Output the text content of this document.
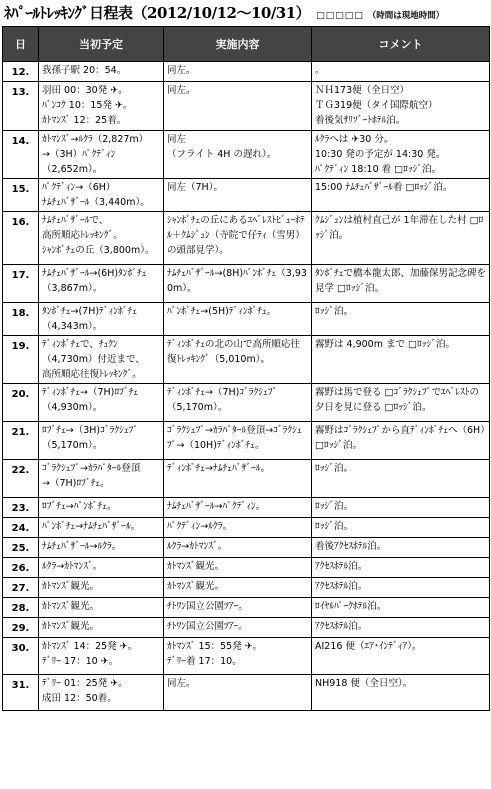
ﾈﾊﾟｰﾙﾄﾚｯｷﾝｸﾞ日程表（2012/10/12～10/31） □□□□□ （時間は現地時間）
日	当初予定	実施内容	コメント

12.	我孫子駅 20：54。	同左。	。

13.	羽田 00：30発 ✈。
ﾊﾞﾝｺｸ 10：15発 ✈。
ｶﾄﾏﾝｽﾞ 12：25着。	同左。	ＮＨ173便（全日空）
ＴＧ319便（タイ国際航空）
着後気ｻﾘｿﾞｰﾄﾎﾃﾙ泊。

14.	ｶﾄﾏﾝｽﾞ→ﾙｸﾗ（2,827m）
→（3H）ﾊﾟｸﾃﾞｨﾝ
（2,652m）。	同左
（フライト 4H の遅れ）。	ﾙｸﾗへは ✈30 分。
10:30 発の予定が 14:30 発。
ﾊﾟｸﾃﾞｨﾝ 18:10 着 □ﾛｯｼﾞ泊。

15.	ﾊﾟｸﾃﾞｨﾝ→（6H）
ﾅﾑﾁｪﾊﾞｻﾞｰﾙ（3,440m）。	同左（7H）。	15:00 ﾅﾑﾁｪﾊﾞｻﾞｰﾙ着 □ﾛｯｼﾞ泊。

16.	ﾅﾑﾁｪﾊﾞｻﾞｰﾙで、
高所順応ﾄﾚｯｷﾝｸﾞ。
ｼｬﾝﾎﾞﾁｪの丘（3,800m）。	ｼｬﾝﾎﾞﾁｪの丘にあるｴﾍﾞﾚｽﾄﾋﾞｭｰﾎﾃﾙ＋ｸﾑｼﾞｭﾝ（寺院で仔ﾃｨ（雪男）の頭部見学）。	ｸﾑｼﾞｭﾝは植村直己が 1年滞在した村 □ﾛｯｼﾞ泊。

17.	ﾅﾑﾁｪﾊﾞｻﾞｰﾙ→(6H)ﾀﾝﾎﾞﾁｪ（3,867m）。	ﾅﾑﾁｪﾊﾞｻﾞｰﾙ→(8H)ﾊﾟﾝﾎﾞﾁｪ（3,930m）。	ﾀﾝﾎﾞﾁｪで橋本龍太郎、加藤保男記念碑を見学 □ﾛｯｼﾞ泊。

18.	ﾀﾝﾎﾞﾁｪ→(7H)ﾃﾞｨﾝﾎﾞﾁｪ
（4,343m）。	ﾊﾟﾝﾎﾞﾁｪ→(5H)ﾃﾞｨﾝﾎﾞﾁｪ。	ﾛｯｼﾞ泊。

19.	ﾃﾞｨﾝﾎﾞﾁｪで、ﾁｭｸﾝ
（4,730m）付近まで、
高所順応往復ﾄﾚｯｷﾝｸﾞ。	ﾃﾞｨﾝﾎﾞﾁｪの北の山で高所順応往復ﾄﾚｯｷﾝｸﾞ（5,010m）。	霧野は 4,900m まで □ﾛｯｼﾞ泊。

20.	ﾃﾞｨﾝﾎﾞﾁｪ→（7H)ﾛﾌﾞﾁｪ
（4,930m）。	ﾃﾞｨﾝﾎﾞﾁｪ→（7H)ｺﾞﾗｸｼｪﾌﾟ
（5,170m）。	霧野は馬で登る □ｺﾞﾗｸｼｪﾌﾟでｴﾍﾞﾚｽﾄの夕日を見に登る □ﾛｯｼﾞ泊。

21.	ﾛﾌﾞﾁｪ→（3H)ｺﾞﾗｸｼｪﾌﾟ
（5,170m）。	ｺﾞﾗｸｼｪﾌﾟ→ｶﾗﾊﾟﾀｰﾙ登頂→ｺﾞﾗｸｼｪﾌﾟ→（10H)ﾃﾞｨﾝﾎﾞﾁｪ。	霧野はｺﾞﾗｸｼｪﾌﾟから直ﾃﾞｨﾝﾎﾞﾁｪへ（6H）□ﾛｯｼﾞ泊。

22.	ｺﾞﾗｸｼｪﾌﾟ→ｶﾗﾊﾟﾀｰﾙ登頂
→（7H)ﾛﾌﾞﾁｪ。	ﾃﾞｨﾝﾎﾞﾁｪ→ﾅﾑﾁｪﾊﾞｻﾞｰﾙ。	ﾛｯｼﾞ泊。

23.	ﾛﾌﾞﾁｪ→ﾊﾟﾝﾎﾞﾁｪ。	ﾅﾑﾁｪﾊﾞｻﾞｰﾙ→ﾊﾟｸﾃﾞｨﾝ。	ﾛｯｼﾞ泊。

24.	ﾊﾟﾝﾎﾞﾁｪ→ﾅﾑﾁｪﾊﾞｻﾞｰﾙ。	ﾊﾟｸﾃﾞｨﾝ→ﾙｸﾗ。	ﾛｯｼﾞ泊。

25.	ﾅﾑﾁｪﾊﾞｻﾞｰﾙ→ﾙｸﾗ。	ﾙｸﾗ→ｶﾄﾏﾝｽﾞ。	着後ｱｸｾｽﾎﾃﾙ泊。

26.	ﾙｸﾗ→ｶﾄﾏﾝｽﾞ。	ｶﾄﾏﾝｽﾞ観光。	ｱｸｾｽﾎﾃﾙ泊。

27.	ｶﾄﾏﾝｽﾞ観光。	ｶﾄﾏﾝｽﾞ観光。	ｱｸｾｽﾎﾃﾙ泊。

28.	ｶﾄﾏﾝｽﾞ観光。	ﾁﾄﾜﾝ国立公園ﾂｱｰ。	ﾛｲﾔﾙﾊﾟｰｸﾎﾃﾙ泊。

29.	ｶﾄﾏﾝｽﾞ観光。	ﾁﾄﾜﾝ国立公園ﾂｱｰ。	ｱｸｾｽﾎﾃﾙ泊。

30.	ｶﾄﾏﾝｽﾞ 14：25発 ✈。
ﾃﾞﾘｰ 17：10 ✈。	ｶﾄﾏﾝｽﾞ 15：55発 ✈。
ﾃﾞﾘｰ着 17：10。	AI216 便（ｴｱ･ｲﾝﾃﾞｨｱ）。

31.	ﾃﾞﾘｰ 01：25発 ✈。
成田 12：50着。	同左。	NH918 便（全日空）。
